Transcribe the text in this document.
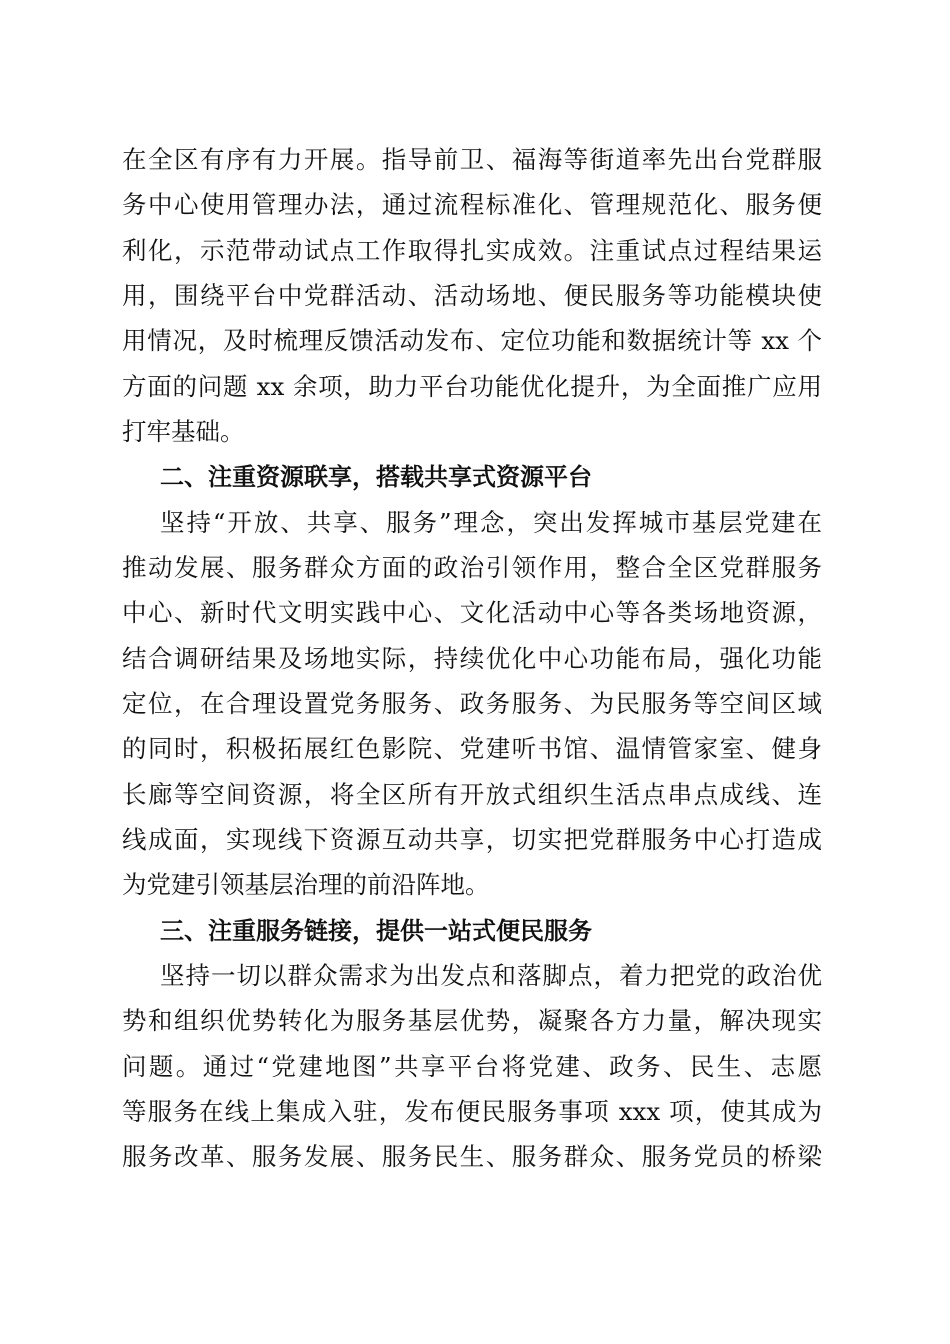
在全区有序有力开展。指导前卫、福海等街道率先出台党群服
务中心使用管理办法，通过流程标准化、管理规范化、服务便
利化，示范带动试点工作取得扎实成效。注重试点过程结果运
用，围绕平台中党群活动、活动场地、便民服务等功能模块使
用情况，及时梳理反馈活动发布、定位功能和数据统计等 xx 个
方面的问题 xx 余项，助力平台功能优化提升，为全面推广应用
打牢基础。
二、注重资源联享，搭载共享式资源平台
坚持“开放、共享、服务”理念，突出发挥城市基层党建在
推动发展、服务群众方面的政治引领作用，整合全区党群服务
中心、新时代文明实践中心、文化活动中心等各类场地资源，
结合调研结果及场地实际，持续优化中心功能布局，强化功能
定位，在合理设置党务服务、政务服务、为民服务等空间区域
的同时，积极拓展红色影院、党建听书馆、温情管家室、健身
长廊等空间资源，将全区所有开放式组织生活点串点成线、连
线成面，实现线下资源互动共享，切实把党群服务中心打造成
为党建引领基层治理的前沿阵地。
三、注重服务链接，提供一站式便民服务
坚持一切以群众需求为出发点和落脚点，着力把党的政治优
势和组织优势转化为服务基层优势，凝聚各方力量，解决现实
问题。通过“党建地图”共享平台将党建、政务、民生、志愿
等服务在线上集成入驻，发布便民服务事项 xxx 项，使其成为
服务改革、服务发展、服务民生、服务群众、服务党员的桥梁
